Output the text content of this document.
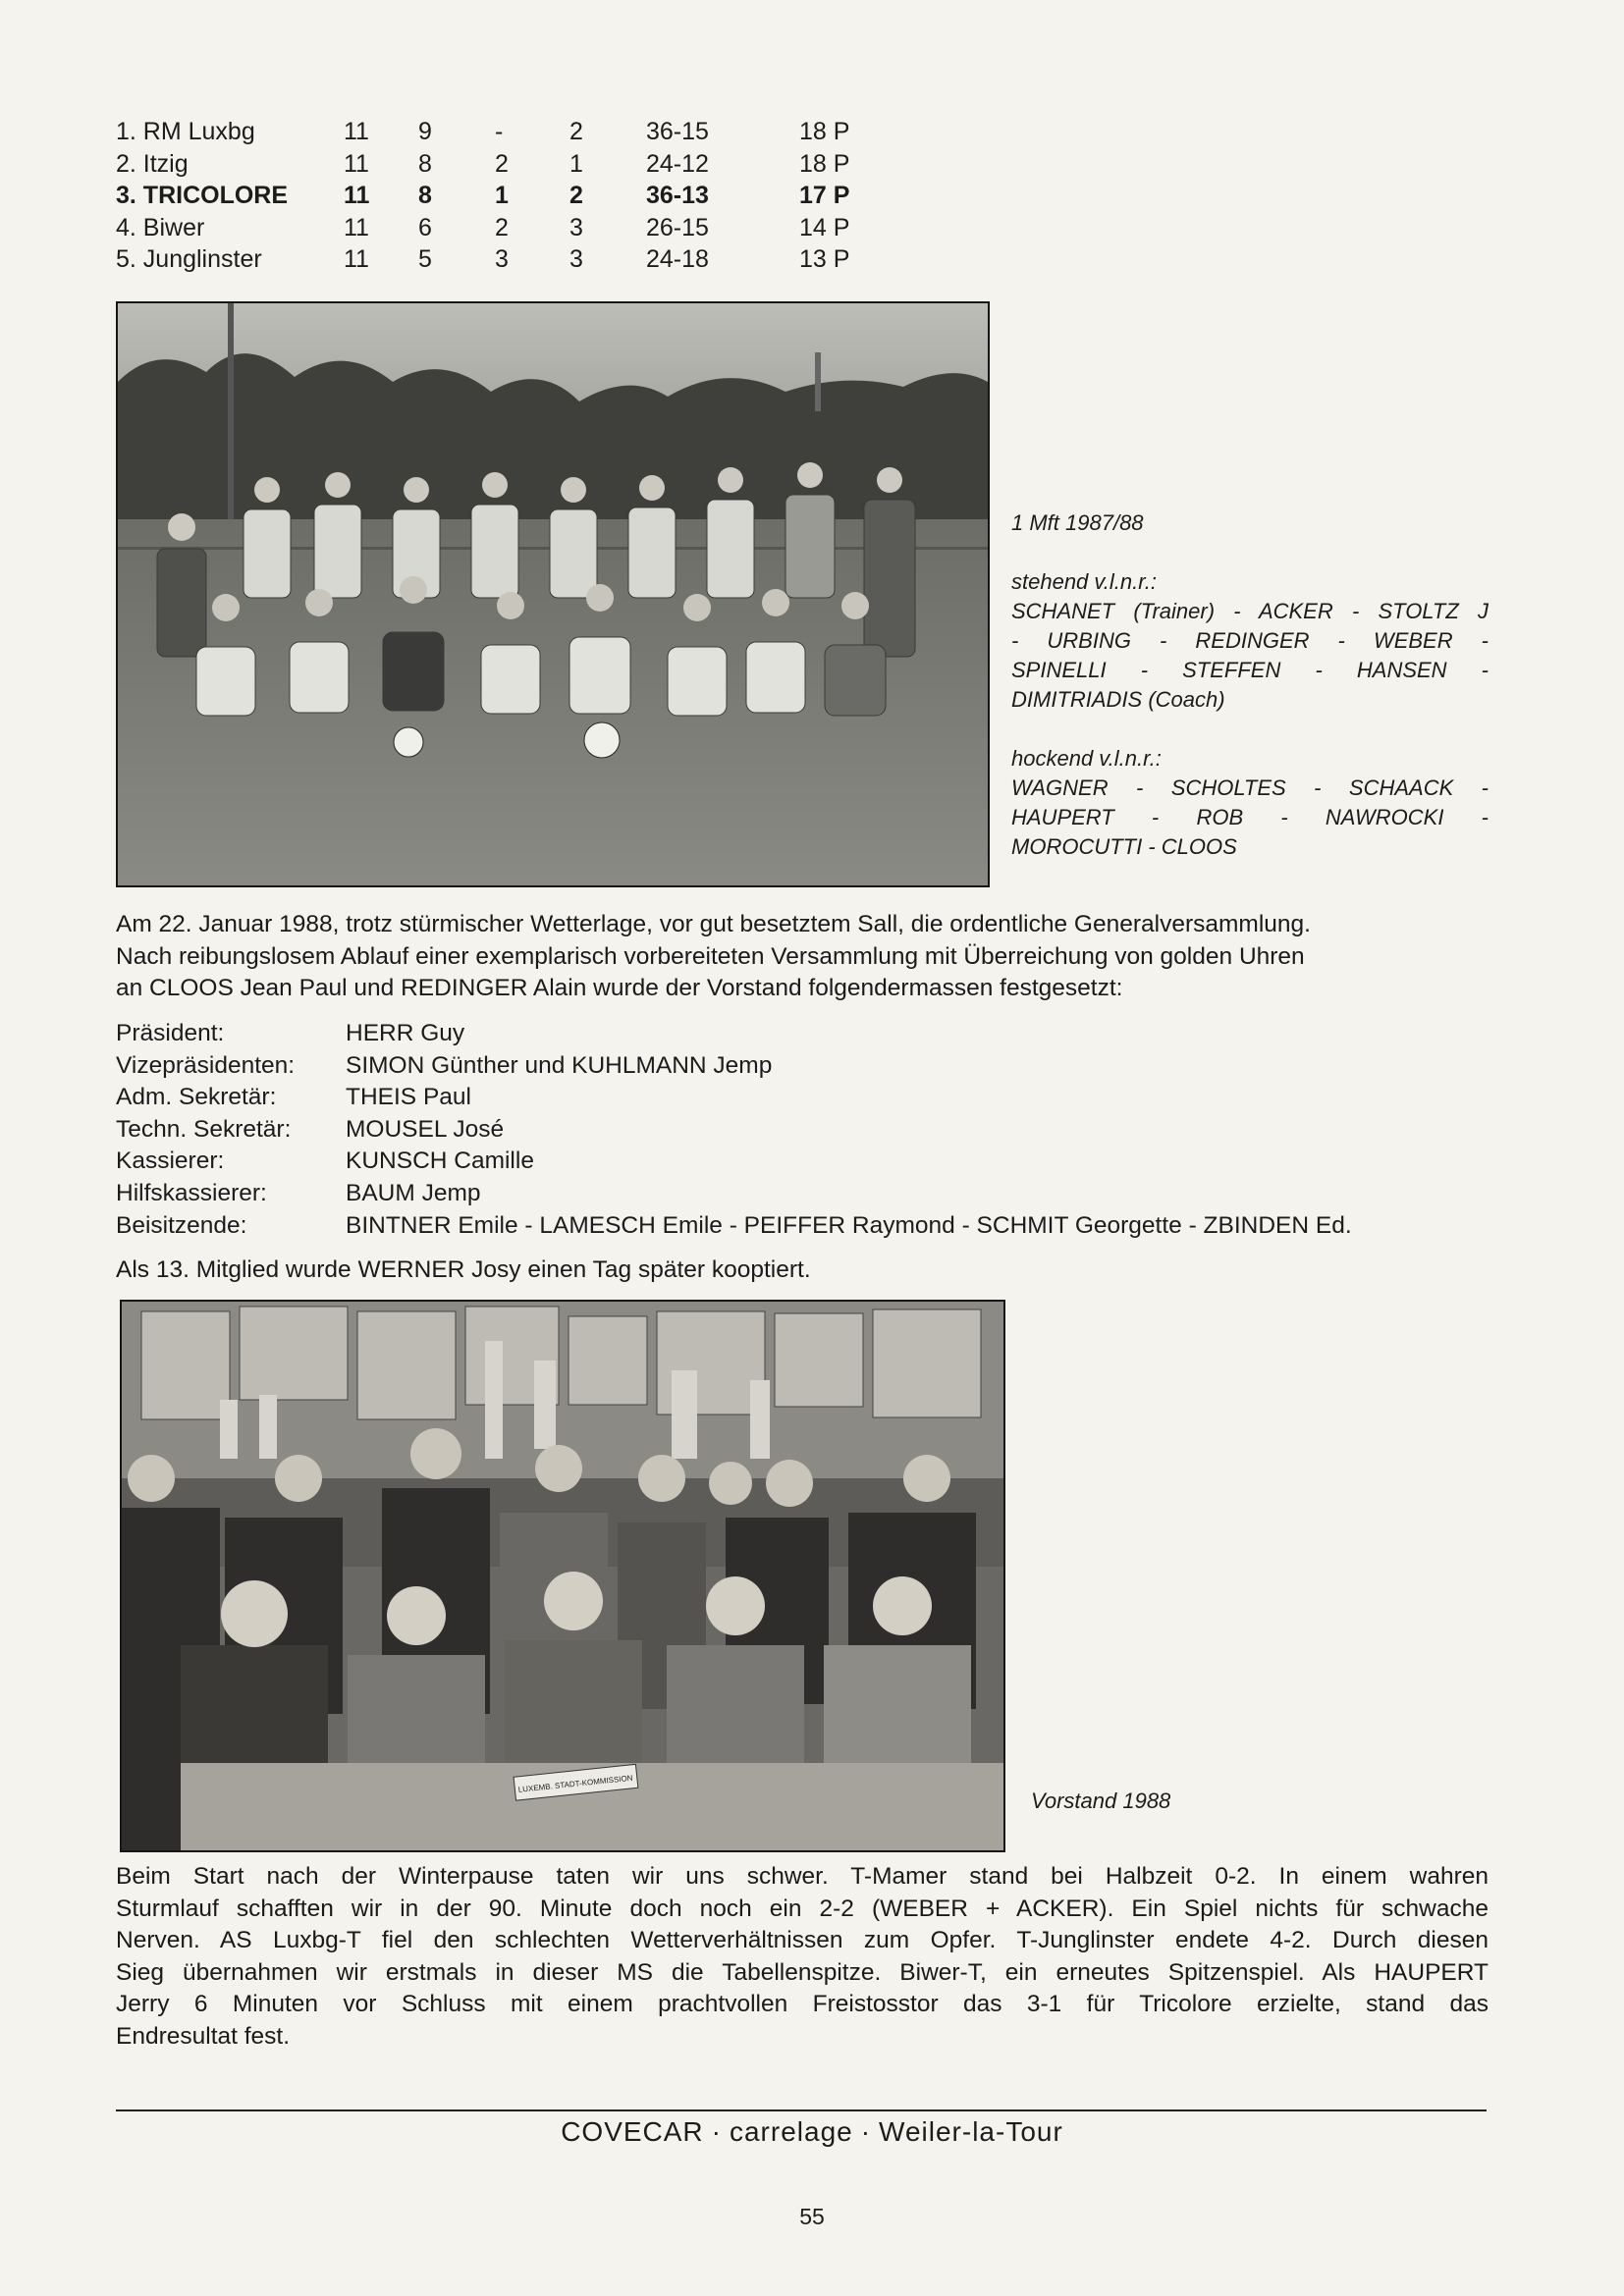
1. RM Luxbg	11 9	-	2	36-15	18 P
2. Itzig	11 8	2 1	24-12	18 P
3. TRICOLORE 11 8	1 2	36-13	17 P
4. Biwer	11 6	2 3	26-15	14 P
5. Junglinster	11 5	3 3	24-18	13 P

1 Mft 1987/88

stehend v.l.n.r.:

SCHANET (Trainer) - ACKER - STOLTZ J

- URBING - REDINGER - WEBER -

SPINELLI - STEFFEN - HANSEN -

DIMITRIADIS (Coach)

hockend v.l.n.r.:

WAGNER - SCHOLTES - SCHAACK -

HAUPERT - ROB - NAWROCKI -

MOROCUTTI - CLOOS

Am 22. Januar 1988, trotz stürmischer Wetterlage, vor gut besetztem Sall, die ordentliche Generalversammlung.
Nach reibungslosem Ablauf einer exemplarisch vorbereiteten Versammlung mit Überreichung von golden Uhren
an CLOOS Jean Paul und REDINGER Alain wurde der Vorstand folgendermassen festgesetzt:
Präsident:	HERR Guy
Vizepräsidenten: SIMON Günther und KUHLMANN Jemp
Adm. Sekretär:	THEIS Paul
Techn. Sekretär: MOUSEL José
Kassierer:	KUNSCH Camille
Hilfskassierer:	BAUM Jemp
Beisitzende:	BINTNER Emile - LAMESCH Emile - PEIFFER Raymond - SCHMIT Georgette - ZBINDEN Ed.
Als 13. Mitglied wurde WERNER Josy einen Tag später kooptiert.
LUXEMB. STADT-KOMMISSION
Vorstand 1988
Beim Start nach der Winterpause taten wir uns schwer. T-Mamer stand bei Halbzeit 0-2. In einem wahren
Sturmlauf schafften wir in der 90. Minute doch noch ein 2-2 (WEBER + ACKER). Ein Spiel nichts für schwache
Nerven. AS Luxbg-T fiel den schlechten Wetterverhältnissen zum Opfer. T-Junglinster endete 4-2. Durch diesen
Sieg übernahmen wir erstmals in dieser MS die Tabellenspitze. Biwer-T, ein erneutes Spitzenspiel. Als HAUPERT
Jerry 6 Minuten vor Schluss mit einem prachtvollen Freistosstor das 3-1 für Tricolore erzielte, stand das
Endresultat fest.
COVECAR · carrelage · Weiler-la-Tour
55
